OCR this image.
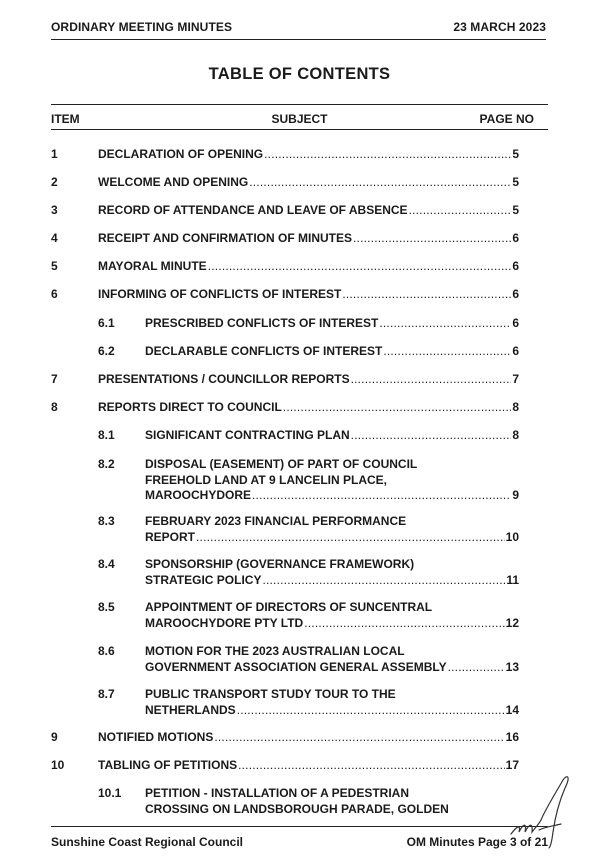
ORDINARY MEETING MINUTES	23 MARCH 2023
TABLE OF CONTENTS
ITEM	SUBJECT	PAGE NO
1	DECLARATION OF OPENING .....	5
2	WELCOME AND OPENING .....	5
3	RECORD OF ATTENDANCE AND LEAVE OF ABSENCE .....	5
4	RECEIPT AND CONFIRMATION OF MINUTES .....	6
5	MAYORAL MINUTE .....	6
6	INFORMING OF CONFLICTS OF INTEREST .....	6
6.1	PRESCRIBED CONFLICTS OF INTEREST .....	6
6.2	DECLARABLE CONFLICTS OF INTEREST .....	6
7	PRESENTATIONS / COUNCILLOR REPORTS .....	7
8	REPORTS DIRECT TO COUNCIL .....	8
8.1	SIGNIFICANT CONTRACTING PLAN .....	8
8.2	DISPOSAL (EASEMENT) OF PART OF COUNCIL
FREEHOLD LAND AT 9 LANCELIN PLACE,
MAROOCHYDORE .....	9
8.3	FEBRUARY 2023 FINANCIAL PERFORMANCE
REPORT .....	10
8.4	SPONSORSHIP (GOVERNANCE FRAMEWORK)
STRATEGIC POLICY .....	11
8.5	APPOINTMENT OF DIRECTORS OF SUNCENTRAL
MAROOCHYDORE PTY LTD .....	12
8.6	MOTION FOR THE 2023 AUSTRALIAN LOCAL
GOVERNMENT ASSOCIATION GENERAL ASSEMBLY .....	13
8.7	PUBLIC TRANSPORT STUDY TOUR TO THE
NETHERLANDS .....	14
9	NOTIFIED MOTIONS .....	16
10	TABLING OF PETITIONS .....	17
10.1 PETITION - INSTALLATION OF A PEDESTRIAN
CROSSING ON LANDSBOROUGH PARADE, GOLDEN
Sunshine Coast Regional Council	OM Minutes Page 3 of 21
